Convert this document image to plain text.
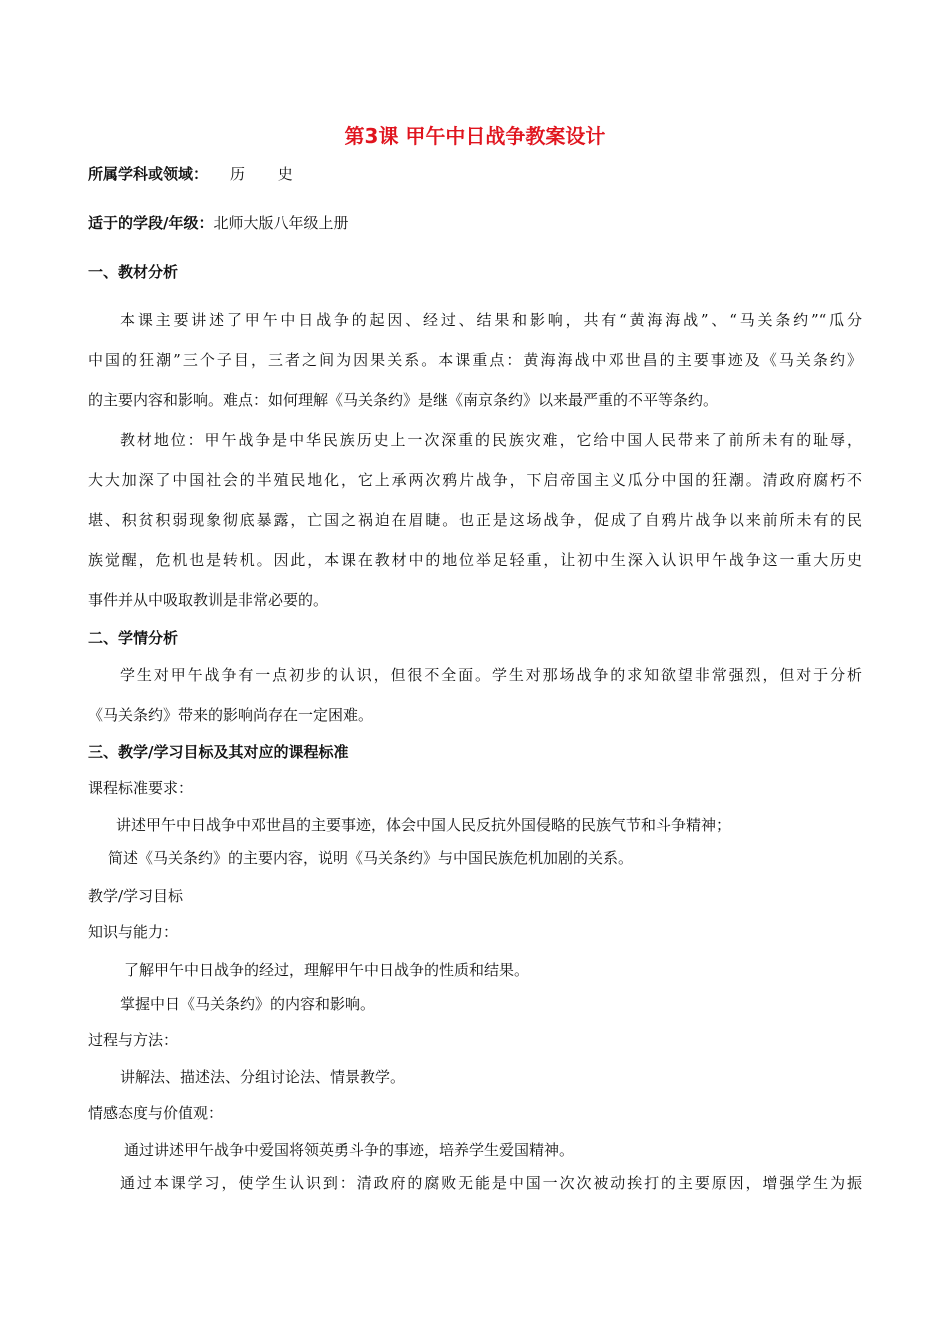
第3课 甲午中日战争教案设计
所属学科或领域： 历 史
适于的学段/年级：北师大版八年级上册
一、教材分析
本课主要讲述了甲午中日战争的起因、经过、结果和影响，共有“黄海海战”、“马关条约”“瓜分
中国的狂潮”三个子目，三者之间为因果关系。本课重点：黄海海战中邓世昌的主要事迹及《马关条约》
的主要内容和影响。难点：如何理解《马关条约》是继《南京条约》以来最严重的不平等条约。
教材地位：甲午战争是中华民族历史上一次深重的民族灾难，它给中国人民带来了前所未有的耻辱，
大大加深了中国社会的半殖民地化，它上承两次鸦片战争，下启帝国主义瓜分中国的狂潮。清政府腐朽不
堪、积贫积弱现象彻底暴露，亡国之祸迫在眉睫。也正是这场战争，促成了自鸦片战争以来前所未有的民
族觉醒，危机也是转机。因此，本课在教材中的地位举足轻重，让初中生深入认识甲午战争这一重大历史
事件并从中吸取教训是非常必要的。
二、学情分析
学生对甲午战争有一点初步的认识，但很不全面。学生对那场战争的求知欲望非常强烈，但对于分析
《马关条约》带来的影响尚存在一定困难。
三、教学/学习目标及其对应的课程标准
课程标准要求：
讲述甲午中日战争中邓世昌的主要事迹，体会中国人民反抗外国侵略的民族气节和斗争精神；
简述《马关条约》的主要内容，说明《马关条约》与中国民族危机加剧的关系。
教学/学习目标
知识与能力：
了解甲午中日战争的经过，理解甲午中日战争的性质和结果。
掌握中日《马关条约》的内容和影响。
过程与方法：
讲解法、描述法、分组讨论法、情景教学。
情感态度与价值观：
通过讲述甲午战争中爱国将领英勇斗争的事迹，培养学生爱国精神。
通过本课学习，使学生认识到：清政府的腐败无能是中国一次次被动挨打的主要原因，增强学生为振
